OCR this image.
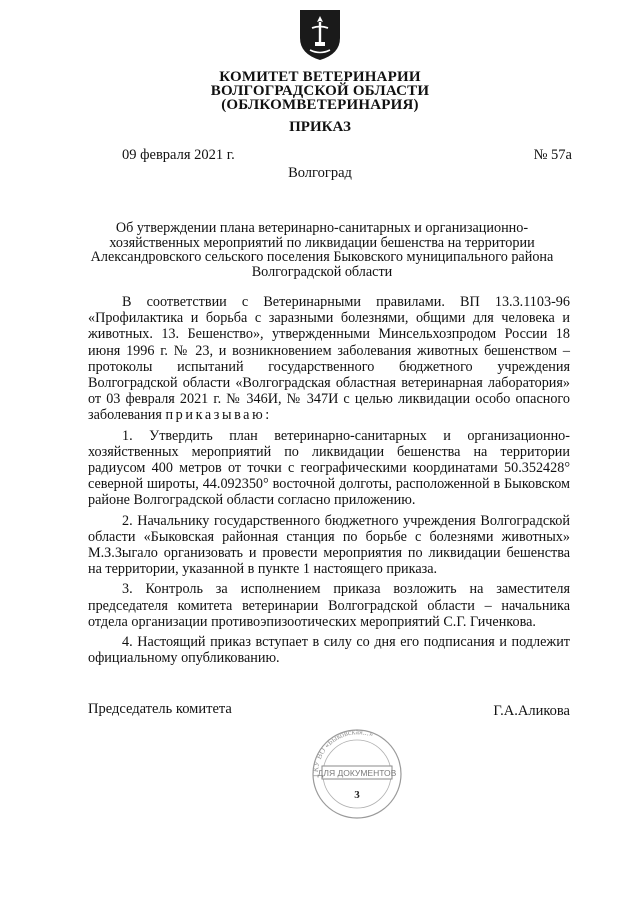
КОМИТЕТ ВЕТЕРИНАРИИ
ВОЛГОГРАДСКОЙ ОБЛАСТИ
(ОБЛКОМВЕТЕРИНАРИЯ)
ПРИКАЗ
09 февраля 2021 г.	№ 57а
Волгоград
Об утверждении плана ветеринарно-санитарных и организационно-
хозяйственных мероприятий по ликвидации бешенства на территории
Александровского сельского поселения Быковского муниципального района
Волгоградской области

В соответствии с Ветеринарными правилами. ВП 13.3.1103-96 «Профилактика и борьба с заразными болезнями, общими для человека и животных. 13. Бешенство», утвержденными Минсельхозпродом России 18 июня 1996 г. № 23, и возникновением заболевания животных бешенством – протоколы испытаний государственного бюджетного учреждения Волгоградской области «Волгоградская областная ветеринарная лаборатория» от 03 февраля 2021 г. № 346И, № 347И с целью ликвидации особо опасного заболевания приказываю:

1. Утвердить план ветеринарно-санитарных и организационно-хозяйственных мероприятий по ликвидации бешенства на территории радиусом 400 метров от точки с географическими координатами 50.352428° северной широты, 44.092350° восточной долготы, расположенной в Быковском районе Волгоградской области согласно приложению.

2. Начальнику государственного бюджетного учреждения Волгоградской области «Быковская районная станция по борьбе с болезнями животных» М.З.Зыгало организовать и провести мероприятия по ликвидации бешенства на территории, указанной в пункте 1 настоящего приказа.

3. Контроль за исполнением приказа возложить на заместителя председателя комитета ветеринарии Волгоградской области – начальника отдела организации противоэпизоотических мероприятий С.Г. Гиченкова.

4. Настоящий приказ вступает в силу со дня его подписания и подлежит официальному опубликованию.

Председатель комитета	Г.А.Аликова
ГКУ ВО «Быковская...»
ДЛЯ ДОКУМЕНТОВ
3
